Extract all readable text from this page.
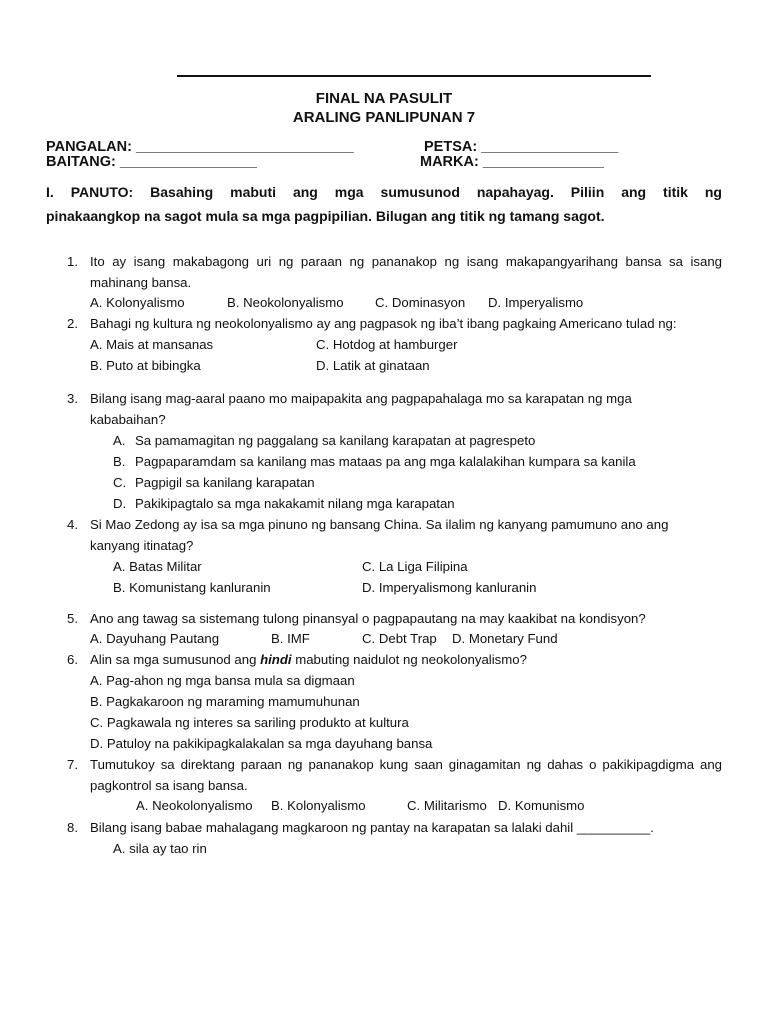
FINAL NA PASULIT
ARALING PANLIPUNAN 7
PANGALAN: ___________________________	PETSA: _________________
BAITANG: _________________	MARKA: _______________
I. PANUTO: Basahing mabuti ang mga sumusunod napahayag. Piliin ang titik ng
pinakaangkop na sagot mula sa mga pagpipilian. Bilugan ang titik ng tamang sagot.
1. Ito ay isang makabagong uri ng paraan ng pananakop ng isang makapangyarihang bansa sa isang
mahinang bansa.
A. Kolonyalismo	B. Neokolonyalismo C. Dominasyon D. Imperyalismo
2. Bahagi ng kultura ng neokolonyalismo ay ang pagpasok ng iba’t ibang pagkaing Americano tulad ng:
A. Mais at mansanas	C. Hotdog at hamburger
B. Puto at bibingka	D. Latik at ginataan
3. Bilang isang mag-aaral paano mo maipapakita ang pagpapahalaga mo sa karapatan ng mga
kababaihan?
A. Sa pamamagitan ng paggalang sa kanilang karapatan at pagrespeto
B. Pagpaparamdam sa kanilang mas mataas pa ang mga kalalakihan kumpara sa kanila
C. Pagpigil sa kanilang karapatan
D. Pakikipagtalo sa mga nakakamit nilang mga karapatan
4. Si Mao Zedong ay isa sa mga pinuno ng bansang China. Sa ilalim ng kanyang pamumuno ano ang
kanyang itinatag?
A. Batas Militar	C. La Liga Filipina
B. Komunistang kanluranin	D. Imperyalismong kanluranin
5. Ano ang tawag sa sistemang tulong pinansyal o pagpapautang na may kaakibat na kondisyon?
A. Dayuhang Pautang	B. IMF	C. Debt Trap D. Monetary Fund
6. Alin sa mga sumusunod ang hindi mabuting naidulot ng neokolonyalismo?
A. Pag-ahon ng mga bansa mula sa digmaan
B. Pagkakaroon ng maraming mamumuhunan
C. Pagkawala ng interes sa sariling produkto at kultura
D. Patuloy na pakikipagkalakalan sa mga dayuhang bansa
7. Tumutukoy sa direktang paraan ng pananakop kung saan ginagamitan ng dahas o pakikipagdigma ang
pagkontrol sa isang bansa.
A. Neokolonyalismo B. Kolonyalismo	C. Militarismo D. Komunismo
8. Bilang isang babae mahalagang magkaroon ng pantay na karapatan sa lalaki dahil __________.
A. sila ay tao rin
